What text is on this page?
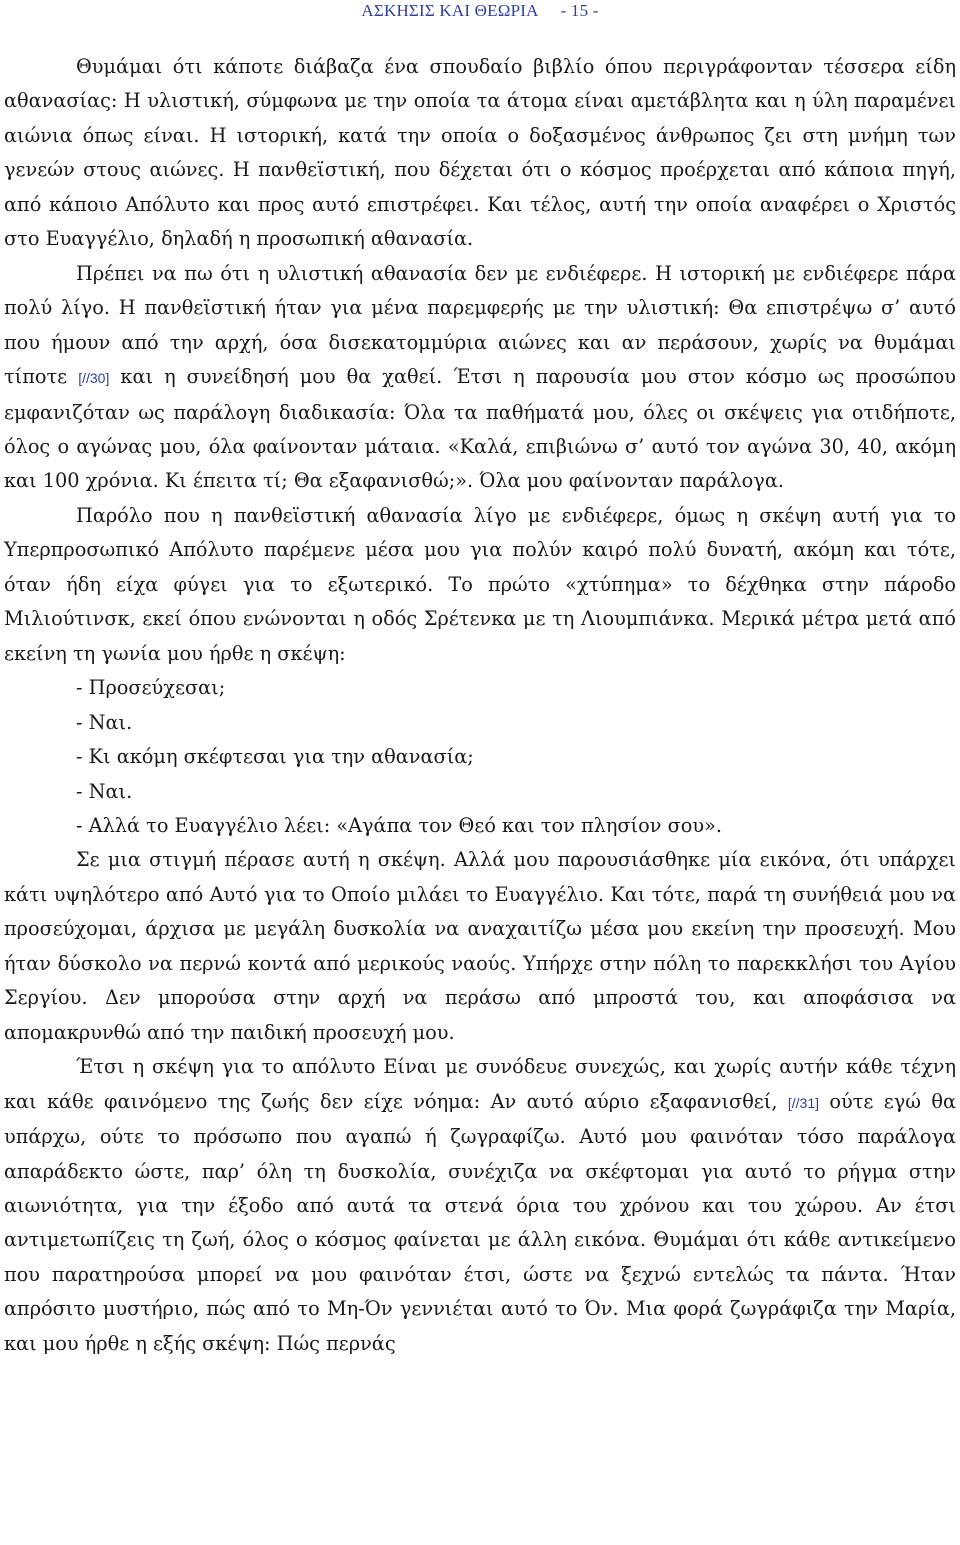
ΑΣΚΗΣΙΣ ΚΑΙ ΘΕΩΡΙΑ - 15 -

Θυμάμαι ότι κάποτε διάβαζα ένα σπουδαίο βιβλίο όπου περιγράφονταν τέσσερα είδη αθανασίας: Η υλιστική, σύμφωνα με την οποία τα άτομα είναι αμετάβλητα και η ύλη παραμένει αιώνια όπως είναι. Η ιστορική, κατά την οποία ο δοξασμένος άνθρωπος ζει στη μνήμη των γενεών στους αιώνες. Η πανθεϊστική, που δέχεται ότι ο κόσμος προέρχεται από κάποια πηγή, από κάποιο Απόλυτο και προς αυτό επιστρέφει. Και τέλος, αυτή την οποία αναφέρει ο Χριστός στο Ευαγγέλιο, δηλαδή η προσωπική αθανασία.

Πρέπει να πω ότι η υλιστική αθανασία δεν με ενδιέφερε. Η ιστορική με ενδιέφερε πάρα πολύ λίγο. Η πανθεϊστική ήταν για μένα παρεμφερής με την υλιστική: Θα επιστρέψω σ’ αυτό που ήμουν από την αρχή, όσα δισεκατομμύρια αιώνες και αν περάσουν, χωρίς να θυμάμαι τίποτε [//30] και η συνείδησή μου θα χαθεί. Έτσι η παρουσία μου στον κόσμο ως προσώπου εμφανιζόταν ως παράλογη διαδικασία: Όλα τα παθήματά μου, όλες οι σκέψεις για οτιδήποτε, όλος ο αγώνας μου, όλα φαίνονταν μάταια. «Καλά, επιβιώνω σ’ αυτό τον αγώνα 30, 40, ακόμη και 100 χρόνια. Κι έπειτα τί; Θα εξαφανισθώ;». Όλα μου φαίνονταν παράλογα.

Παρόλο που η πανθεϊστική αθανασία λίγο με ενδιέφερε, όμως η σκέψη αυτή για το Υπερπροσωπικό Απόλυτο παρέμενε μέσα μου για πολύν καιρό πολύ δυνατή, ακόμη και τότε, όταν ήδη είχα φύγει για το εξωτερικό. Το πρώτο «χτύπημα» το δέχθηκα στην πάροδο Μιλιούτινσκ, εκεί όπου ενώνονται η οδός Σρέτενκα με τη Λιουμπιάνκα. Μερικά μέτρα μετά από εκείνη τη γωνία μου ήρθε η σκέψη:

- Προσεύχεσαι;

- Ναι.

- Κι ακόμη σκέφτεσαι για την αθανασία;

- Ναι.

- Αλλά το Ευαγγέλιο λέει: «Αγάπα τον Θεό και τον πλησίον σου».

Σε μια στιγμή πέρασε αυτή η σκέψη. Αλλά μου παρουσιάσθηκε μία εικόνα, ότι υπάρχει κάτι υψηλότερο από Αυτό για το Οποίο μιλάει το Ευαγγέλιο. Και τότε, παρά τη συνήθειά μου να προσεύχομαι, άρχισα με μεγάλη δυσκολία να αναχαιτίζω μέσα μου εκείνη την προσευχή. Μου ήταν δύσκολο να περνώ κοντά από μερικούς ναούς. Υπήρχε στην πόλη το παρεκκλήσι του Αγίου Σεργίου. Δεν μπορούσα στην αρχή να περάσω από μπροστά του, και αποφάσισα να απομακρυνθώ από την παιδική προσευχή μου.

Έτσι η σκέψη για το απόλυτο Είναι με συνόδευε συνεχώς, και χωρίς αυτήν κάθε τέχνη και κάθε φαινόμενο της ζωής δεν είχε νόημα: Αν αυτό αύριο εξαφανισθεί, [//31] ούτε εγώ θα υπάρχω, ούτε το πρόσωπο που αγαπώ ή ζωγραφίζω. Αυτό μου φαινόταν τόσο παράλογα απαράδεκτο ώστε, παρ’ όλη τη δυσκολία, συνέχιζα να σκέφτομαι για αυτό το ρήγμα στην αιωνιότητα, για την έξοδο από αυτά τα στενά όρια του χρόνου και του χώρου. Αν έτσι αντιμετωπίζεις τη ζωή, όλος ο κόσμος φαίνεται με άλλη εικόνα. Θυμάμαι ότι κάθε αντικείμενο που παρατηρούσα μπορεί να μου φαινόταν έτσι, ώστε να ξεχνώ εντελώς τα πάντα. Ήταν απρόσιτο μυστήριο, πώς από το Μη-Όν γεννιέται αυτό το Όν. Μια φορά ζωγράφιζα την Μαρία, και μου ήρθε η εξής σκέψη: Πώς περνάς
